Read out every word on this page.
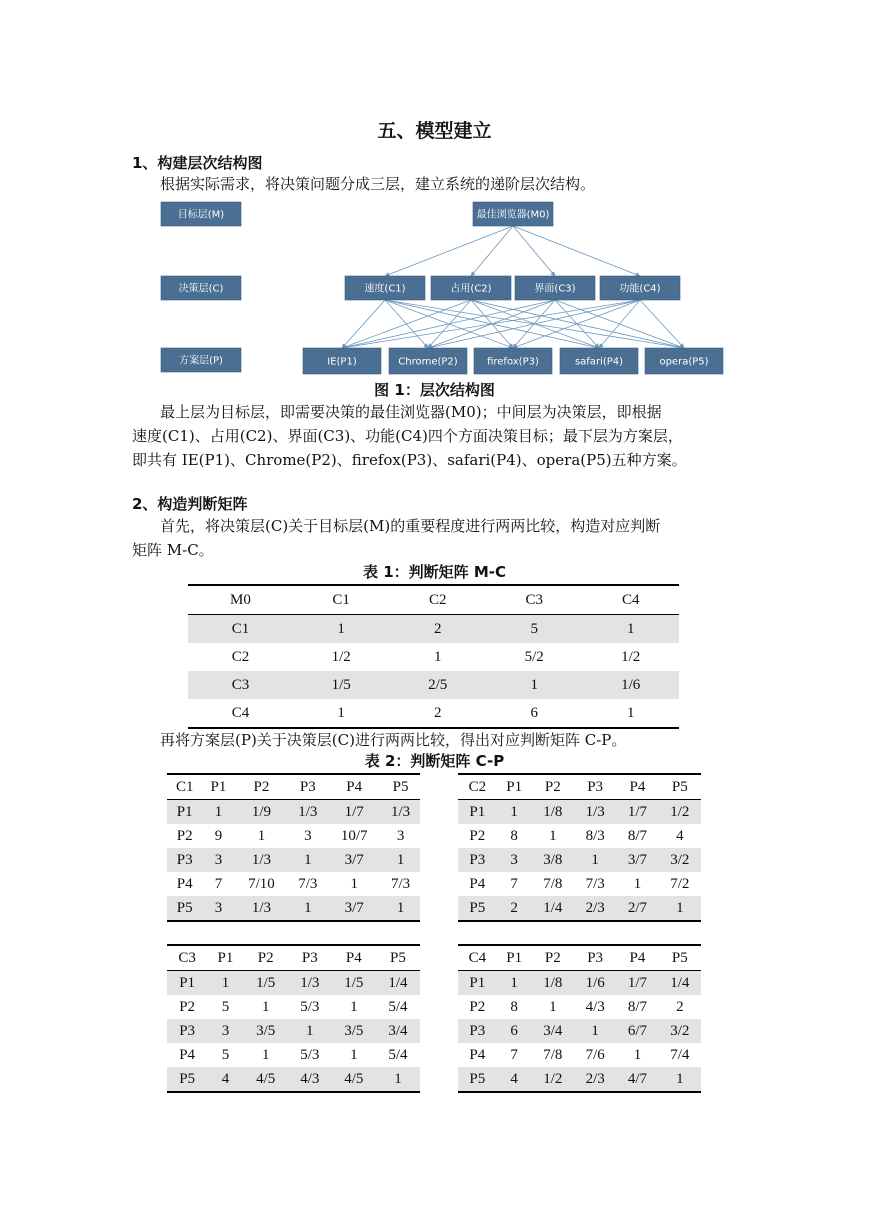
五、模型建立
1、构建层次结构图
根据实际需求，将决策问题分成三层，建立系统的递阶层次结构。
目标层(M)
决策层(C)
方案层(P)
最佳浏览器(M0)
速度(C1)	占用(C2)	界面(C3)	功能(C4)
IE(P1)	Chrome(P2)	firefox(P3)	safari(P4)	opera(P5)
图 1：层次结构图
最上层为目标层，即需要决策的最佳浏览器(M0)；中间层为决策层，即根据
速度(C1)、占用(C2)、界面(C3)、功能(C4)四个方面决策目标；最下层为方案层，
即共有 IE(P1)、Chrome(P2)、firefox(P3)、safari(P4)、opera(P5)五种方案。
2、构造判断矩阵
首先，将决策层(C)关于目标层(M)的重要程度进行两两比较，构造对应判断
矩阵 M-C。
表 1：判断矩阵 M-C
M0	C1	C2	C3	C4
C1	1	2	5	1
C2	1/2	1	5/2	1/2
C3	1/5	2/5	1	1/6
C4	1	2	6	1
再将方案层(P)关于决策层(C)进行两两比较，得出对应判断矩阵 C-P。
表 2：判断矩阵 C-P
C1	P1	P2	P3	P4	P5
P1	1	1/9	1/3	1/7	1/3
P2	9	1	3	10/7	3
P3	3	1/3	1	3/7	1
P4	7	7/10	7/3	1	7/3
P5	3	1/3	1	3/7	1
C2	P1	P2	P3	P4	P5
P1	1	1/8	1/3	1/7	1/2
P2	8	1	8/3	8/7	4
P3	3	3/8	1	3/7	3/2
P4	7	7/8	7/3	1	7/2
P5	2	1/4	2/3	2/7	1
C3	P1	P2	P3	P4	P5
P1	1	1/5	1/3	1/5	1/4
P2	5	1	5/3	1	5/4
P3	3	3/5	1	3/5	3/4
P4	5	1	5/3	1	5/4
P5	4	4/5	4/3	4/5	1
C4	P1	P2	P3	P4	P5
P1	1	1/8	1/6	1/7	1/4
P2	8	1	4/3	8/7	2
P3	6	3/4	1	6/7	3/2
P4	7	7/8	7/6	1	7/4
P5	4	1/2	2/3	4/7	1
